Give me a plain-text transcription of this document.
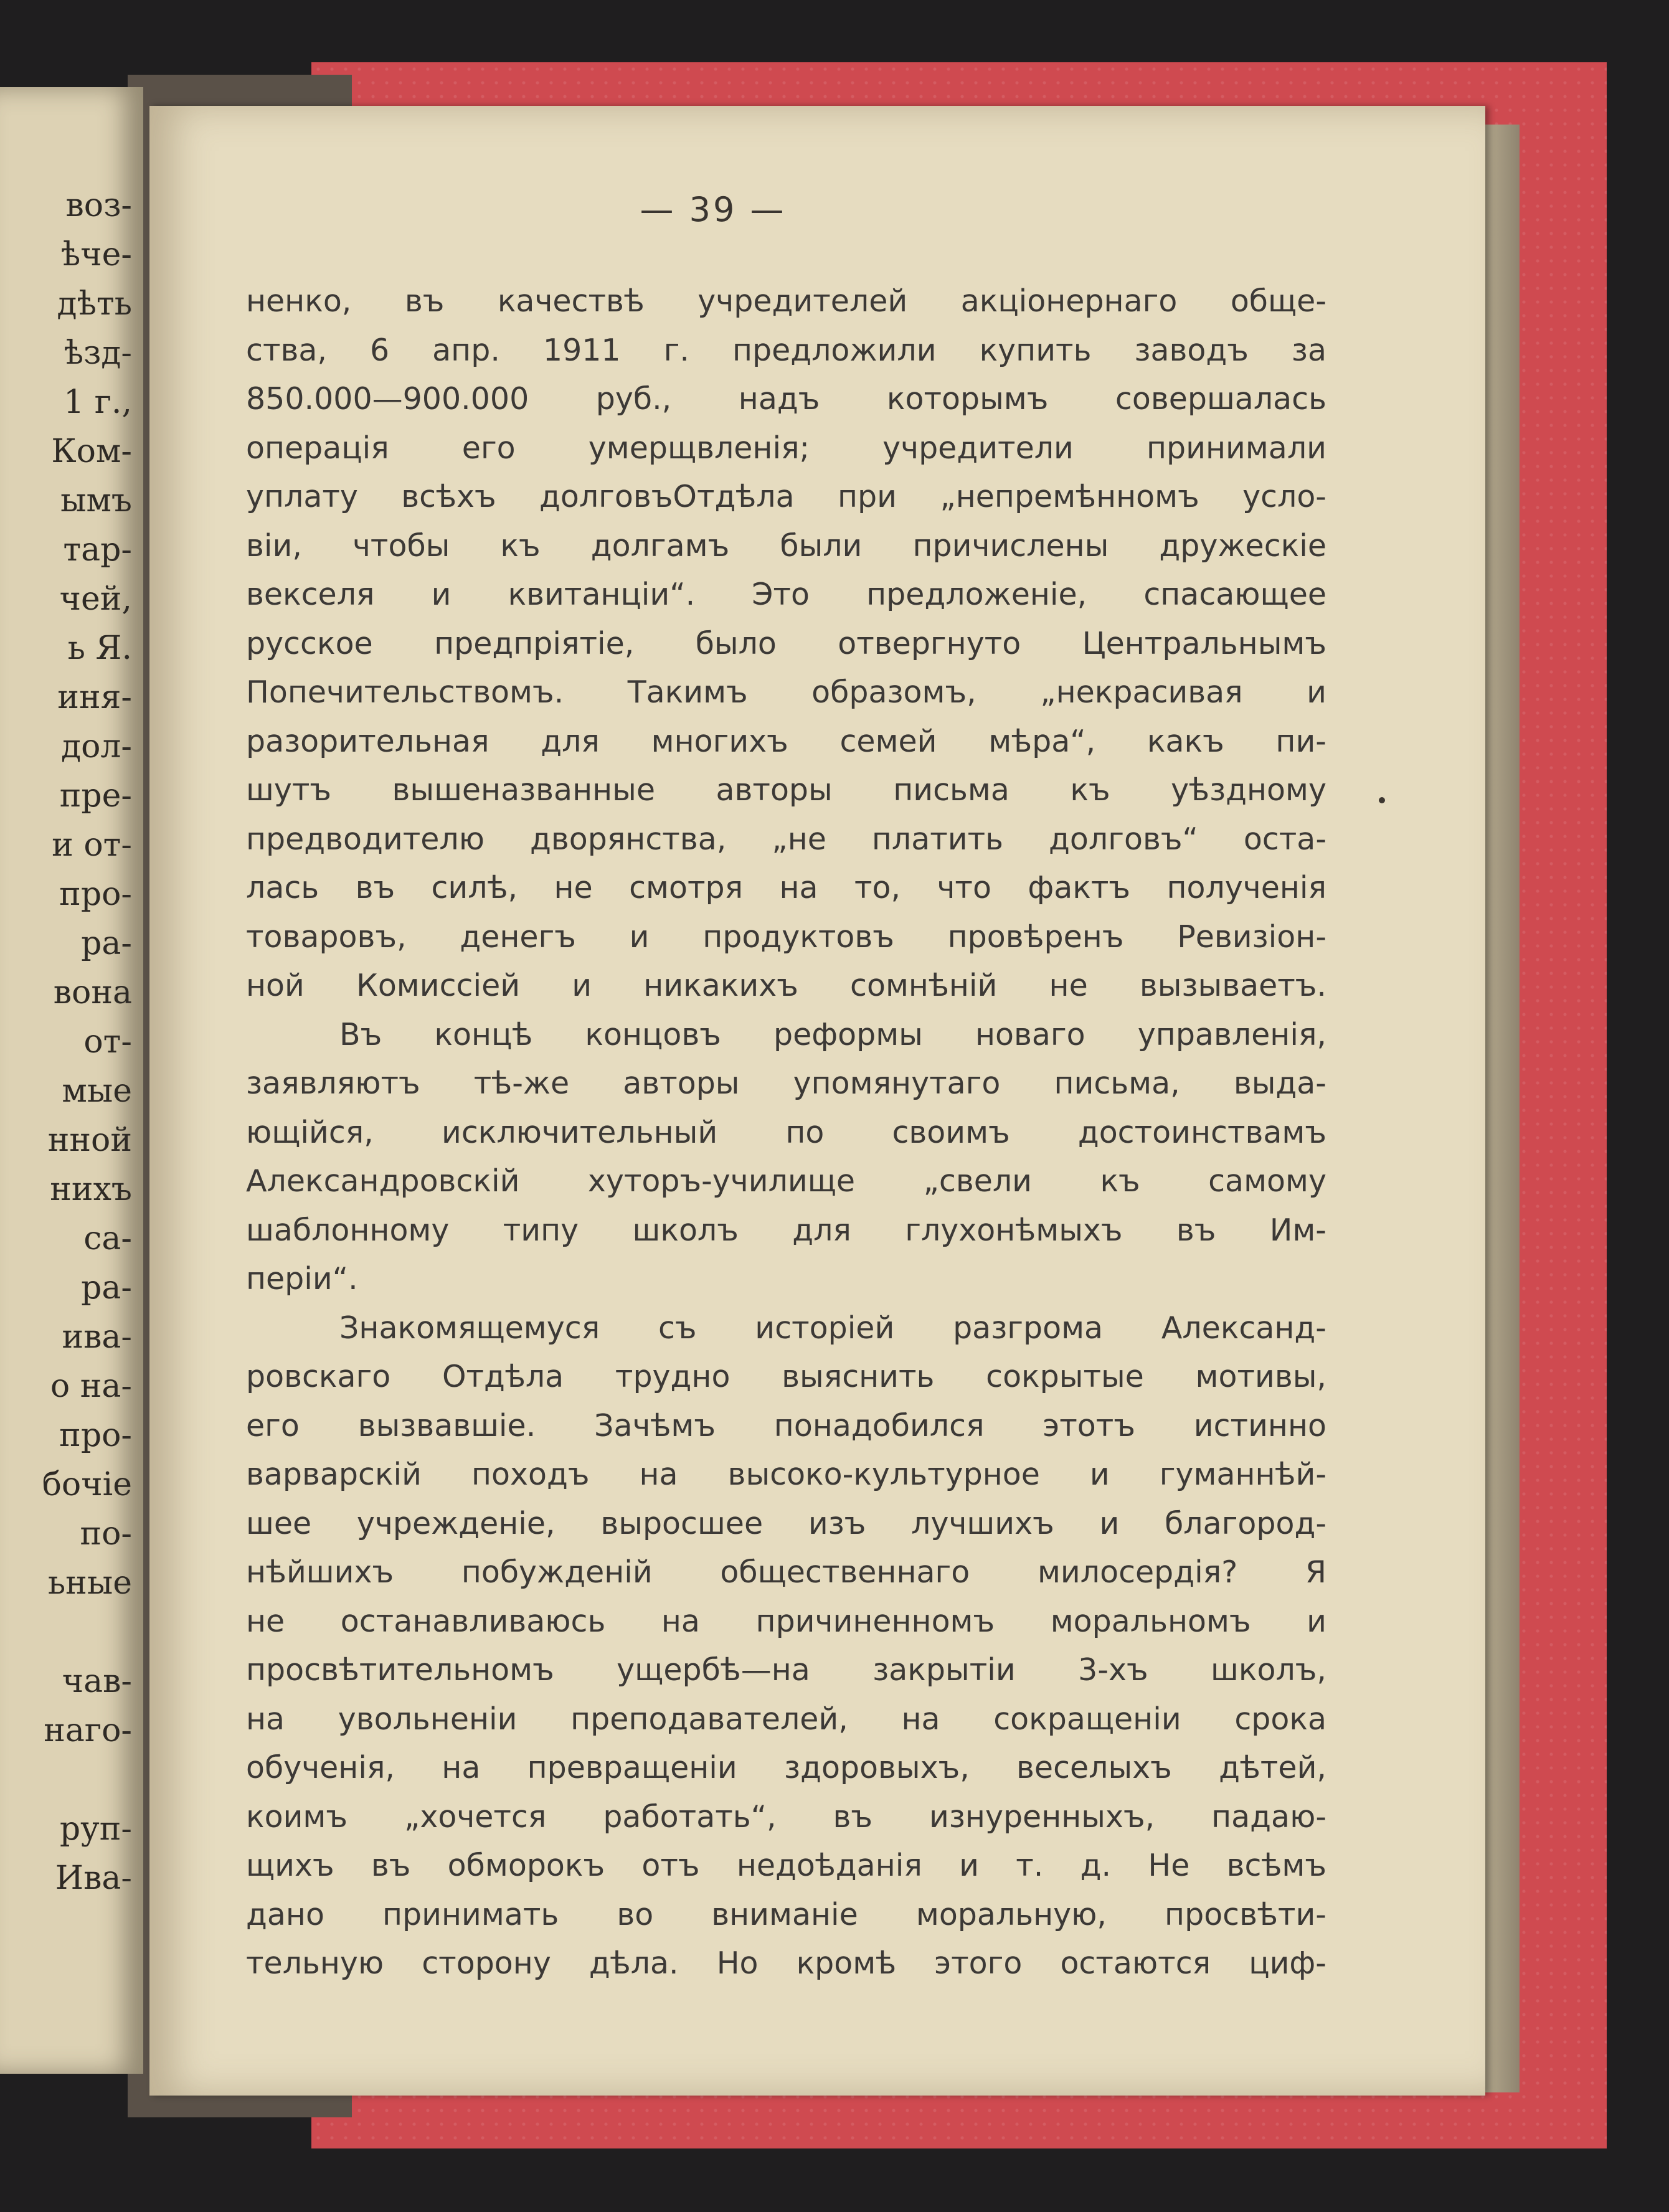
воз-
ѣче-
дѣть
ѣзд-
1 г.,
Ком-
ымъ
тар-
чей,
ь Я.
иня-
дол-
пре-
и от-
про-
ра-
вона
от-
мые
нной
нихъ
са-
ра-
ива-
о на-
про-
бочіе
по-
ьные
чав-
наго-
руп-
Ива-
— 39 —
ненко, въ качествѣ учредителей акціонернаго обще-
ства, 6 апр. 1911 г. предложили купить заводъ за
850.000—900.000 руб., надъ которымъ совершалась
операція его умерщвленія; учредители принимали
уплату всѣхъ долговъОтдѣла при „непремѣнномъ усло-
віи, чтобы къ долгамъ были причислены дружескіе
векселя и квитанціи“. Это предложеніе, спасающее
русское предпріятіе, было отвергнуто Центральнымъ
Попечительствомъ. Такимъ образомъ, „некрасивая и
разорительная для многихъ семей мѣра“, какъ пи-
шутъ вышеназванные авторы письма къ уѣздному
предводителю дворянства, „не платить долговъ“ оста-
лась въ силѣ, не смотря на то, что фактъ полученія
товаровъ, денегъ и продуктовъ провѣренъ Ревизіон-
ной Комиссіей и никакихъ сомнѣній не вызываетъ.
Въ концѣ концовъ реформы новаго управленія,
заявляютъ тѣ-же авторы упомянутаго письма, выда-
ющійся, исключительный по своимъ достоинствамъ
Александровскій хуторъ-училище „свели къ самому
шаблонному типу школъ для глухонѣмыхъ въ Им-
періи“.
Знакомящемуся съ исторіей разгрома Александ-
ровскаго Отдѣла трудно выяснить сокрытые мотивы,
его вызвавшіе. Зачѣмъ понадобился этотъ истинно
варварскій походъ на высоко-культурное и гуманнѣй-
шее учрежденіе, выросшее изъ лучшихъ и благород-
нѣйшихъ побужденій общественнаго милосердія? Я
не останавливаюсь на причиненномъ моральномъ и
просвѣтительномъ ущербѣ—на закрытіи 3-хъ школъ,
на увольненіи преподавателей, на сокращеніи срока
обученія, на превращеніи здоровыхъ, веселыхъ дѣтей,
коимъ „хочется работать“, въ изнуренныхъ, падаю-
щихъ въ обморокъ отъ недоѣданія и т. д. Не всѣмъ
дано принимать во вниманіе моральную, просвѣти-
тельную сторону дѣла. Но кромѣ этого остаются циф-
